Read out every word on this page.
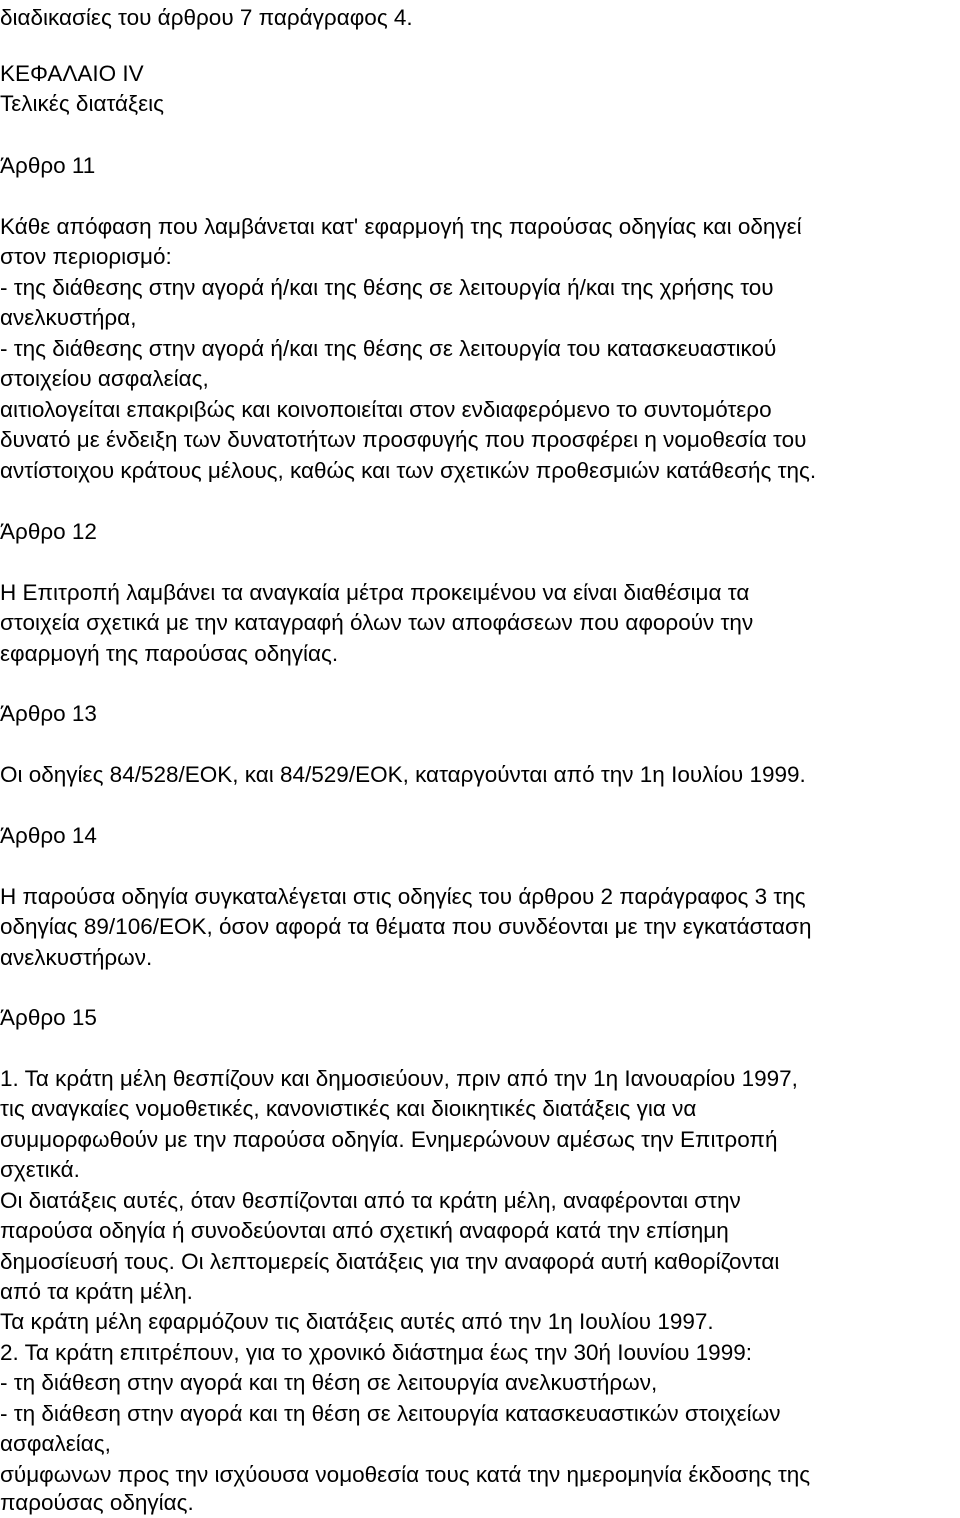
διαδικασίες του άρθρου 7 παράγραφος 4.
ΚΕΦΑΛΑΙΟ IV
Τελικές διατάξεις
Άρθρο 11
Κάθε απόφαση που λαμβάνεται κατ' εφαρμογή της παρούσας οδηγίας και οδηγεί
στον περιορισμό:
- της διάθεσης στην αγορά ή/και της θέσης σε λειτουργία ή/και της χρήσης του
ανελκυστήρα,
- της διάθεσης στην αγορά ή/και της θέσης σε λειτουργία του κατασκευαστικού
στοιχείου ασφαλείας,
αιτιολογείται επακριβώς και κοινοποιείται στον ενδιαφερόμενο το συντομότερο
δυνατό με ένδειξη των δυνατοτήτων προσφυγής που προσφέρει η νομοθεσία του
αντίστοιχου κράτους μέλους, καθώς και των σχετικών προθεσμιών κατάθεσής της.
Άρθρο 12
Η Επιτροπή λαμβάνει τα αναγκαία μέτρα προκειμένου να είναι διαθέσιμα τα
στοιχεία σχετικά με την καταγραφή όλων των αποφάσεων που αφορούν την
εφαρμογή της παρούσας οδηγίας.
Άρθρο 13
Οι οδηγίες 84/528/ΕΟΚ, και 84/529/ΕΟΚ, καταργούνται από την 1η Ιουλίου 1999.
Άρθρο 14
Η παρούσα οδηγία συγκαταλέγεται στις οδηγίες του άρθρου 2 παράγραφος 3 της
οδηγίας 89/106/ΕΟΚ, όσον αφορά τα θέματα που συνδέονται με την εγκατάσταση
ανελκυστήρων.
Άρθρο 15
1. Τα κράτη μέλη θεσπίζουν και δημοσιεύουν, πριν από την 1η Ιανουαρίου 1997,
τις αναγκαίες νομοθετικές, κανονιστικές και διοικητικές διατάξεις για να
συμμορφωθούν με την παρούσα οδηγία. Ενημερώνουν αμέσως την Επιτροπή
σχετικά.
Οι διατάξεις αυτές, όταν θεσπίζονται από τα κράτη μέλη, αναφέρονται στην
παρούσα οδηγία ή συνοδεύονται από σχετική αναφορά κατά την επίσημη
δημοσίευσή τους. Οι λεπτομερείς διατάξεις για την αναφορά αυτή καθορίζονται
από τα κράτη μέλη.
Τα κράτη μέλη εφαρμόζουν τις διατάξεις αυτές από την 1η Ιουλίου 1997.
2. Τα κράτη επιτρέπουν, για το χρονικό διάστημα έως την 30ή Ιουνίου 1999:
- τη διάθεση στην αγορά και τη θέση σε λειτουργία ανελκυστήρων,
- τη διάθεση στην αγορά και τη θέση σε λειτουργία κατασκευαστικών στοιχείων
ασφαλείας,
σύμφωνων προς την ισχύουσα νομοθεσία τους κατά την ημερομηνία έκδοσης της
παρούσας οδηγίας.
